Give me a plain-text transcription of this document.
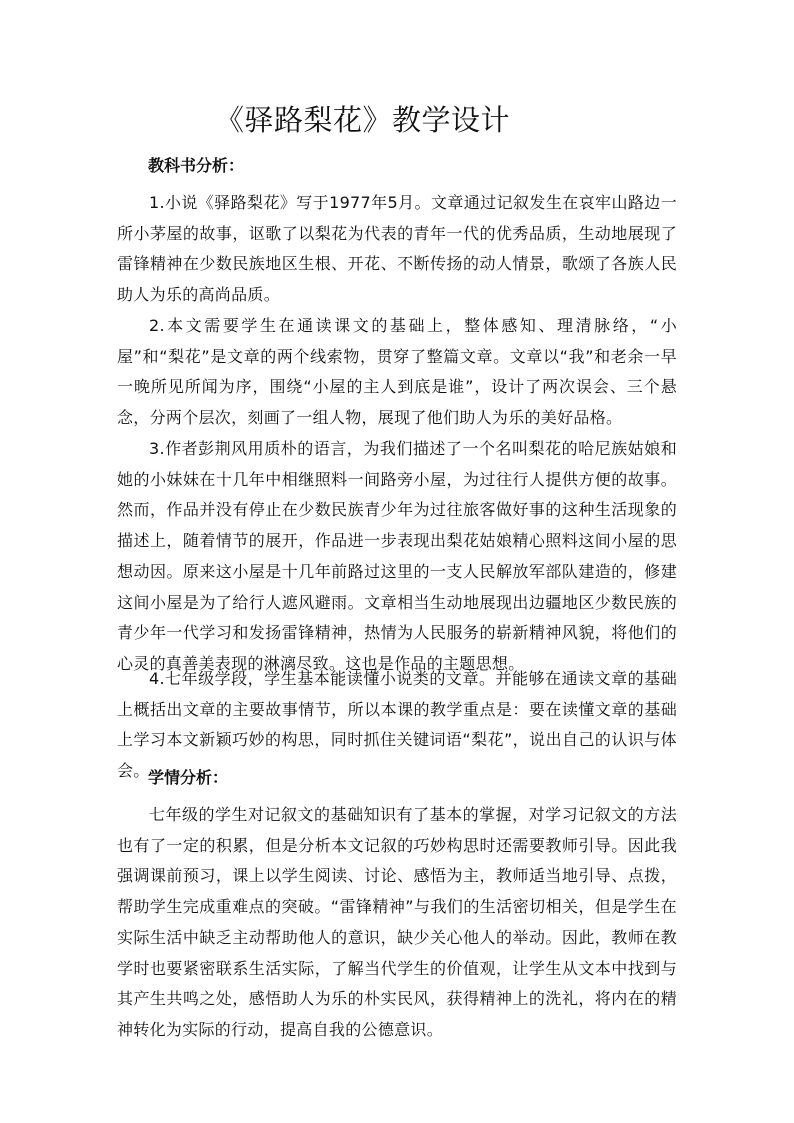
《驿路梨花》教学设计
教科书分析：
1.小说《驿路梨花》写于1977年5月。文章通过记叙发生在哀牢山路边一所小茅屋的故事，讴歌了以梨花为代表的青年一代的优秀品质，生动地展现了雷锋精神在少数民族地区生根、开花、不断传扬的动人情景，歌颂了各族人民助人为乐的高尚品质。
2.本文需要学生在通读课文的基础上，整体感知、理清脉络，“小屋”和“梨花”是文章的两个线索物，贯穿了整篇文章。文章以“我”和老余一早一晚所见所闻为序，围绕“小屋的主人到底是谁”，设计了两次误会、三个悬念，分两个层次，刻画了一组人物，展现了他们助人为乐的美好品格。
3.作者彭荆风用质朴的语言，为我们描述了一个名叫梨花的哈尼族姑娘和她的小妹妹在十几年中相继照料一间路旁小屋，为过往行人提供方便的故事。然而，作品并没有停止在少数民族青少年为过往旅客做好事的这种生活现象的描述上，随着情节的展开，作品进一步表现出梨花姑娘精心照料这间小屋的思想动因。原来这小屋是十几年前路过这里的一支人民解放军部队建造的，修建这间小屋是为了给行人遮风避雨。文章相当生动地展现出边疆地区少数民族的青少年一代学习和发扬雷锋精神，热情为人民服务的崭新精神风貌，将他们的心灵的真善美表现的淋漓尽致。这也是作品的主题思想。
4.七年级学段，学生基本能读懂小说类的文章。并能够在通读文章的基础上概括出文章的主要故事情节，所以本课的教学重点是：要在读懂文章的基础上学习本文新颖巧妙的构思，同时抓住关键词语“梨花”，说出自己的认识与体会。
学情分析：
七年级的学生对记叙文的基础知识有了基本的掌握，对学习记叙文的方法也有了一定的积累，但是分析本文记叙的巧妙构思时还需要教师引导。因此我强调课前预习，课上以学生阅读、讨论、感悟为主，教师适当地引导、点拨，帮助学生完成重难点的突破。“雷锋精神”与我们的生活密切相关，但是学生在实际生活中缺乏主动帮助他人的意识，缺少关心他人的举动。因此，教师在教学时也要紧密联系生活实际，了解当代学生的价值观，让学生从文本中找到与其产生共鸣之处，感悟助人为乐的朴实民风，获得精神上的洗礼，将内在的精神转化为实际的行动，提高自我的公德意识。
